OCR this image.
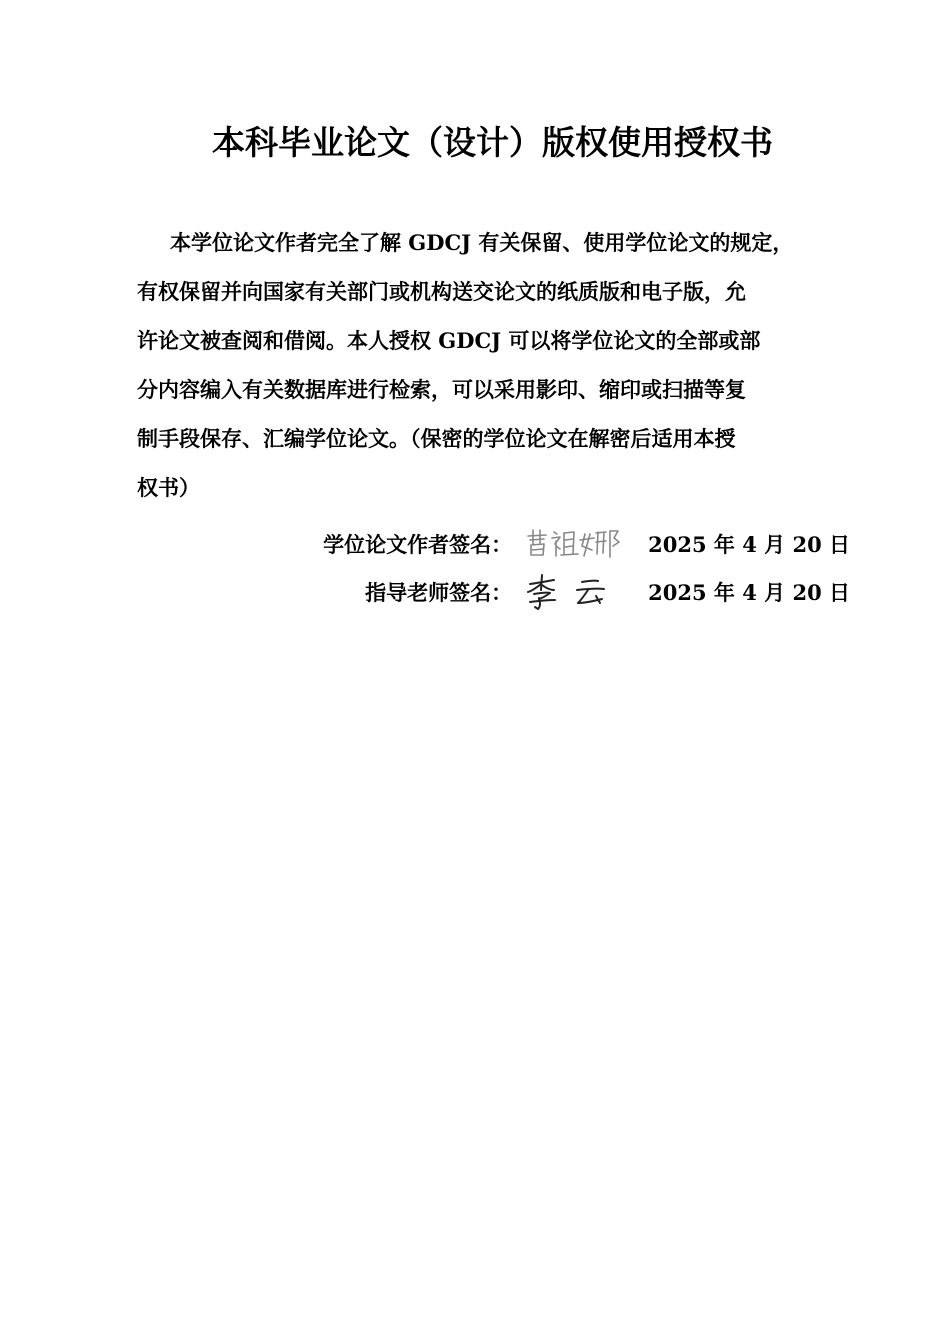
本科毕业论文（设计）版权使用授权书
本学位论文作者完全了解 GDCJ 有关保留、使用学位论文的规定，
有权保留并向国家有关部门或机构送交论文的纸质版和电子版，允
许论文被查阅和借阅。本人授权 GDCJ 可以将学位论文的全部或部
分内容编入有关数据库进行检索，可以采用影印、缩印或扫描等复
制手段保存、汇编学位论文。（保密的学位论文在解密后适用本授
权书）
学位论文作者签名：	2025 年 4 月 20 日
指导老师签名：	2025 年 4 月 20 日
